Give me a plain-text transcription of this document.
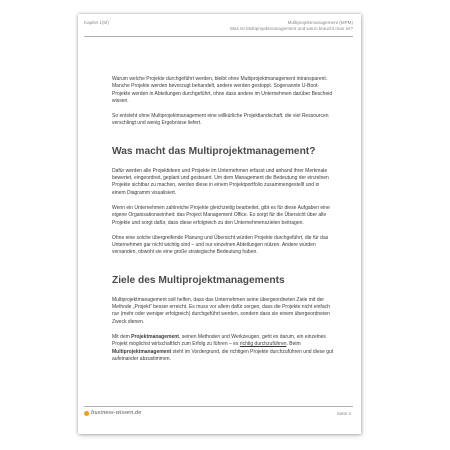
Kapitel 1(M)	Multiprojektmanagement (MPM)
Was ist Multiprojektmanagement und wann braucht man es?

Warum welche Projekte durchgeführt werden, bleibt ohne Multiprojektmanagement intransparent. Manche Projekte werden bevorzugt behandelt, andere werden gestoppt. Sogenannte U-Boot-Projekte werden in Abteilungen durchgeführt, ohne dass andere im Unternehmen darüber Bescheid wissen.

So entsteht ohne Multiprojektmanagement eine willkürliche Projektlandschaft, die viel Ressourcen verschlingt und wenig Ergebnisse liefert.

Was macht das Multiprojektmanagement?

Dafür werden alle Projektideen und Projekte im Unternehmen erfasst und anhand ihrer Merkmale bewertet, eingeordnet, geplant und gesteuert. Um dem Management die Bedeutung der einzelnen Projekte sichtbar zu machen, werden diese in einem Projektportfolio zusammengestellt und in einem Diagramm visualisiert.

Wenn ein Unternehmen zahlreiche Projekte gleichzeitig bearbeitet, gibt es für diese Aufgaben eine eigene Organisationseinheit: das Project Management Office. Es sorgt für die Übersicht über alle Projekte und sorgt dafür, dass diese erfolgreich zu den Unternehmenszielen beitragen.

Ohne eine solche übergreifende Planung und Übersicht würden Projekte durchgeführt, die für das Unternehmen gar nicht wichtig sind – und nur einzelnen Abteilungen nützen. Andere würden versanden, obwohl sie eine große strategische Bedeutung haben.

Ziele des Multiprojektmanagements

Multiprojektmanagement soll helfen, dass das Unternehmen seine übergeordneten Ziele mit der Methode „Projekt“ besser erreicht. Es muss vor allem dafür sorgen, dass die Projekte nicht einfach nur (mehr oder weniger erfolgreich) durchgeführt werden, sondern dass sie einem übergeordneten Zweck dienen.

Mit dem Projektmanagement, seinen Methoden und Werkzeugen, geht es darum, ein einzelnes Projekt möglichst wirtschaftlich zum Erfolg zu führen – es richtig durchzuführen. Beim Multiprojektmanagement steht im Vordergrund, die richtigen Projekte durchzuführen und diese gut aufeinander abzustimmen.

business-wissen.de	Seite 3
